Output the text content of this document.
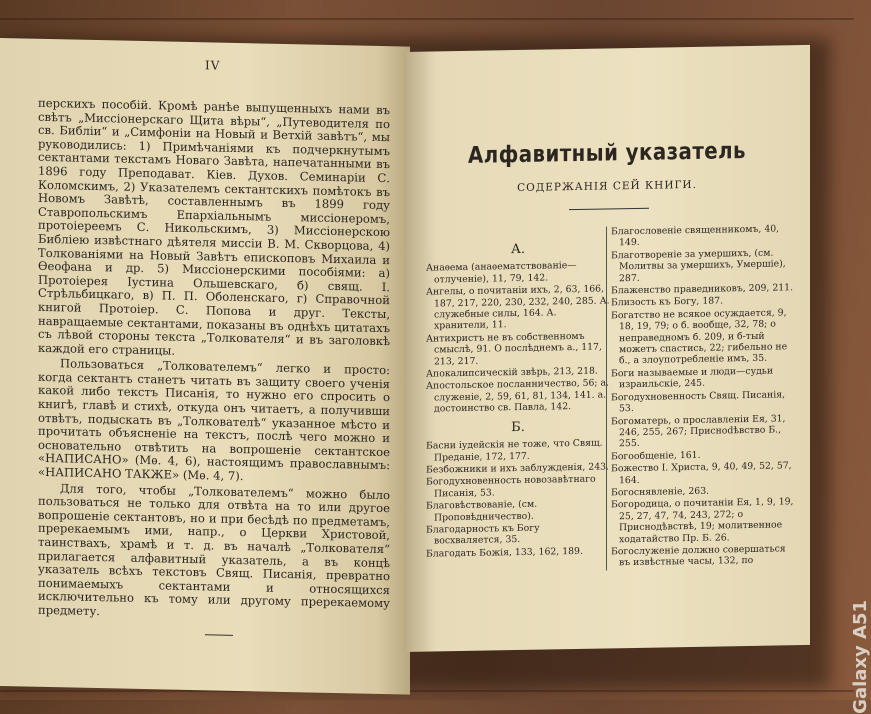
IV

перскихъ пособій. Кромѣ ранѣе выпущенныхъ нами въ свѣтъ „Миссіонерскаго Щита вѣры“, „Путеводителя по св. Библіи“ и „Симфоніи на Новый и Ветхій завѣтъ“, мы руководились: 1) Примѣчаніями къ подчеркнутымъ сектантами текстамъ Новаго Завѣта, напечатанными въ 1896 году Преподават. Кіев. Духов. Семинаріи С. Коломскимъ, 2) Указателемъ сектантскихъ помѣтокъ въ Новомъ Завѣтѣ, составленнымъ въ 1899 году Ставропольскимъ Епархіальнымъ миссіонеромъ, протоіереемъ С. Никольскимъ, 3) Миссіонерскою Библіею извѣстнаго дѣятеля миссіи В. М. Скворцова, 4) Толкованіями на Новый Завѣтъ епископовъ Михаила и Ѳеофана и др. 5) Миссіонерскими пособіями: а) Протоіерея Іустина Ольшевскаго, б) свящ. І. Стрѣльбицкаго, в) П. П. Оболенскаго, г) Справочной книгой Протоіер. С. Попова и друг. Тексты, навращаемые сектантами, показаны въ однѣхъ цитатахъ съ лѣвой стороны текста „Толкователя“ и въ заголовкѣ каждой его страницы.

Пользоваться „Толкователемъ“ легко и просто: когда сектантъ станетъ читать въ защиту своего ученія какой либо текстъ Писанія, то нужно его спросить о книгѣ, главѣ и стихѣ, откуда онъ читаетъ, а получивши отвѣтъ, подыскать въ „Толкователѣ“ указанное мѣсто и прочитать объясненіе на текстъ, послѣ чего можно и основательно отвѣтить на вопрошеніе сектантское «НАПИСАНО» (Мѳ. 4, 6), настоящимъ православнымъ: «НАПИСАНО ТАКЖЕ» (Мѳ. 4, 7).

Для того, чтобы „Толкователемъ“ можно было пользоваться не только для отвѣта на то или другое вопрошеніе сектантовъ, но и при бесѣдѣ по предметамъ, пререкаемымъ ими, напр., о Церкви Христовой, таинствахъ, храмѣ и т. д. въ началѣ „Толкователя“ прилагается алфавитный указатель, а въ концѣ указатель всѣхъ текстовъ Свящ. Писанія, превратно понимаемыхъ сектантами и относящихся исключительно къ тому или другому пререкаемому предмету.

Алфавитный указатель
СОДЕРЖАНІЯ СЕЙ КНИГИ.
А.
Анаѳема (анаѳематствованіе—отлученіе), 11, 79, 142.
Ангелы, о почитаніи ихъ, 2, 63, 166, 187, 217, 220, 230, 232, 240, 285. А. служебные силы, 164. А. хранители, 11.
Антихристъ не въ собственномъ смыслѣ, 91. О послѣднемъ а., 117, 213, 217.
Апокалипсическій звѣрь, 213, 218.
Апостольское посланничество, 56; а. служеніе, 2, 59, 61, 81, 134, 141. а. достоинство св. Павла, 142.
Б.
Басни іудейскія не тоже, что Свящ. Преданіе, 172, 177.
Безбожники и ихъ заблужденія, 243.
Богодухновенность новозавѣтнаго Писанія, 53.
Благовѣствованіе, (см. Проповѣдничество).
Благодарность къ Богу восхваляется, 35.
Благодать Божія, 133, 162, 189.
Благословеніе священникомъ, 40, 149.
Благотвореніе за умершихъ, (см. Молитвы за умершихъ, Умершіе), 287.
Блаженство праведниковъ, 209, 211.
Близость къ Богу, 187.
Богатство не всякое осуждается, 9, 18, 19, 79; о б. вообще, 32, 78; о неправедномъ б. 209, и б-тый можетъ спастись, 22; гибельно не б., а злоупотребленіе имъ, 35.
Боги называемые и люди—судьи израильскіе, 245.
Богодухновенность Свящ. Писанія, 53.
Богоматерь, о прославленіи Ея, 31, 246, 255, 267; Присноdѣвство Б., 255.
Богообщеніе, 161.
Божество І. Христа, 9, 40, 49, 52, 57, 164.
Богоснявленіе, 263.
Богородица, о почитаніи Ея, 1, 9, 19, 25, 27, 47, 74, 243, 272; о Приснодѣвствѣ, 19; молитвенное ходатайство Пр. Б. 26.
Богослуженіе должно совершаться въ извѣстные часы, 132, по
Galaxy A51
